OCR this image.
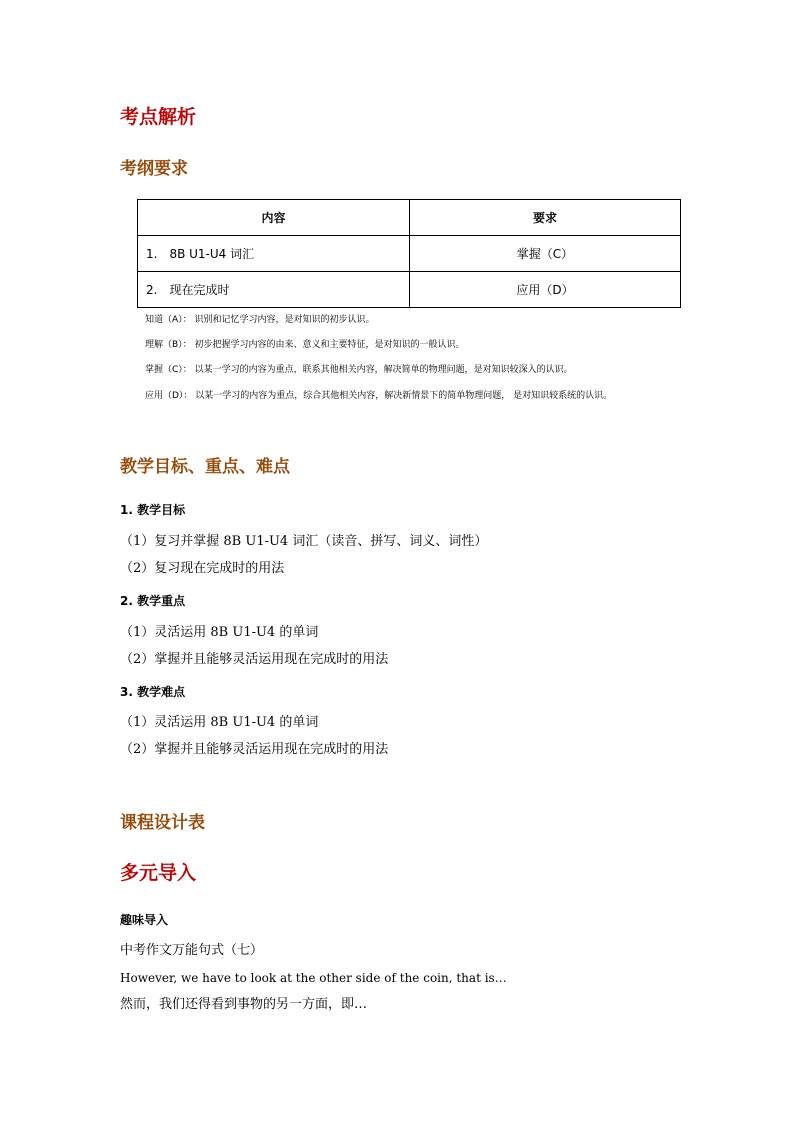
考点解析
考纲要求
内容	要求
1.　8B U1-U4 词汇	掌握（C）
2.　现在完成时	应用（D）
知道（A）： 识别和记忆学习内容，是对知识的初步认识。
理解（B）： 初步把握学习内容的由来、意义和主要特征，是对知识的一般认识。
掌握（C）： 以某一学习的内容为重点，联系其他相关内容，解决简单的物理问题，是对知识较深入的认识。
应用（D）： 以某一学习的内容为重点，综合其他相关内容，解决新情景下的简单物理问题， 是对知识较系统的认识。
教学目标、重点、难点
1. 教学目标
（1）复习并掌握 8B U1-U4 词汇（读音、拼写、词义、词性）
（2）复习现在完成时的用法
2. 教学重点
（1）灵活运用 8B U1-U4 的单词
（2）掌握并且能够灵活运用现在完成时的用法
3. 教学难点
（1）灵活运用 8B U1-U4 的单词
（2）掌握并且能够灵活运用现在完成时的用法
课程设计表
多元导入
趣味导入
中考作文万能句式（七）
However, we have to look at the other side of the coin, that is…
然而，我们还得看到事物的另一方面，即…
